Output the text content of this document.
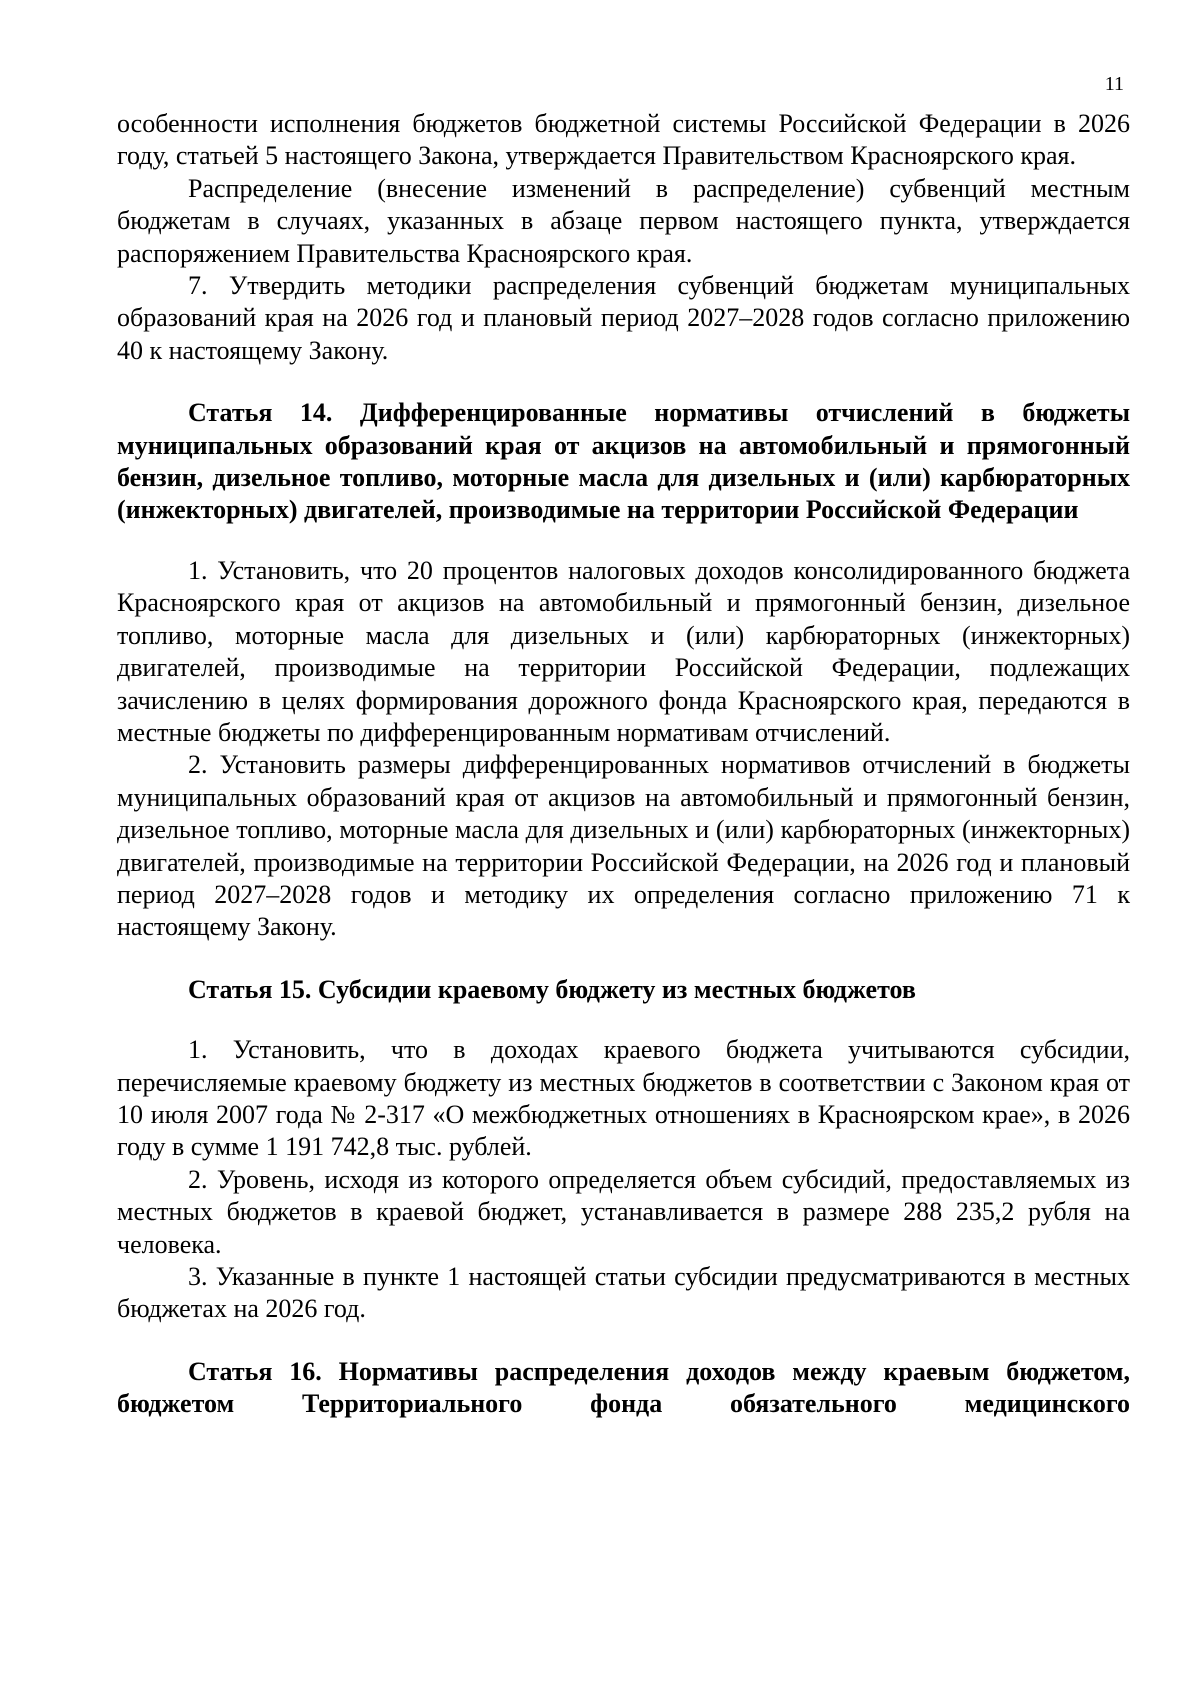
11

особенности исполнения бюджетов бюджетной системы Российской Федерации в 2026 году, статьей 5 настоящего Закона, утверждается Правительством Красноярского края.

Распределение (внесение изменений в распределение) субвенций местным бюджетам в случаях, указанных в абзаце первом настоящего пункта, утверждается распоряжением Правительства Красноярского края.

7. Утвердить методики распределения субвенций бюджетам муниципальных образований края на 2026 год и плановый период 2027–2028 годов согласно приложению 40 к настоящему Закону.

Статья 14. Дифференцированные нормативы отчислений в бюджеты муниципальных образований края от акцизов на автомобильный и прямогонный бензин, дизельное топливо, моторные масла для дизельных и (или) карбюраторных (инжекторных) двигателей, производимые на территории Российской Федерации

1. Установить, что 20 процентов налоговых доходов консолидированного бюджета Красноярского края от акцизов на автомобильный и прямогонный бензин, дизельное топливо, моторные масла для дизельных и (или) карбюраторных (инжекторных) двигателей, производимые на территории Российской Федерации, подлежащих зачислению в целях формирования дорожного фонда Красноярского края, передаются в местные бюджеты по дифференцированным нормативам отчислений.

2. Установить размеры дифференцированных нормативов отчислений в бюджеты муниципальных образований края от акцизов на автомобильный и прямогонный бензин, дизельное топливо, моторные масла для дизельных и (или) карбюраторных (инжекторных) двигателей, производимые на территории Российской Федерации, на 2026 год и плановый период 2027–2028 годов и методику их определения согласно приложению 71 к настоящему Закону.

Статья 15. Субсидии краевому бюджету из местных бюджетов

1. Установить, что в доходах краевого бюджета учитываются субсидии, перечисляемые краевому бюджету из местных бюджетов в соответствии с Законом края от 10 июля 2007 года № 2-317 «О межбюджетных отношениях в Красноярском крае», в 2026 году в сумме 1 191 742,8 тыс. рублей.

2. Уровень, исходя из которого определяется объем субсидий, предоставляемых из местных бюджетов в краевой бюджет, устанавливается в размере 288 235,2 рубля на человека.

3. Указанные в пункте 1 настоящей статьи субсидии предусматриваются в местных бюджетах на 2026 год.

Статья 16. Нормативы распределения доходов между краевым бюджетом, бюджетом Территориального фонда обязательного медицинского
